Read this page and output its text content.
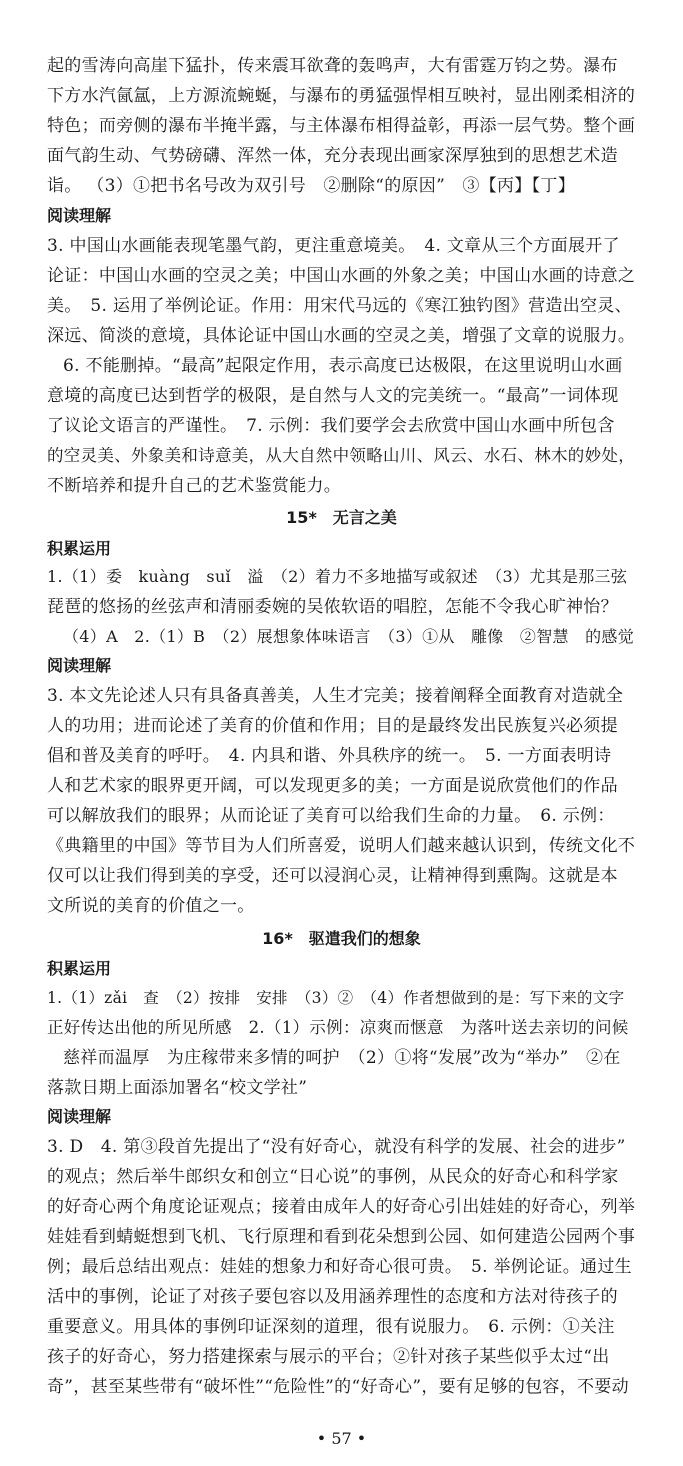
起的雪涛向高崖下猛扑，传来震耳欲聋的轰鸣声，大有雷霆万钧之势。瀑布
下方水汽氤氲，上方源流蜿蜒，与瀑布的勇猛强悍相互映衬，显出刚柔相济的
特色；而旁侧的瀑布半掩半露，与主体瀑布相得益彰，再添一层气势。整个画
面气韵生动、气势磅礴、浑然一体，充分表现出画家深厚独到的思想艺术造
诣。 （3）①把书名号改为双引号　②删除“的原因”　③【丙】【丁】
阅读理解
3. 中国山水画能表现笔墨气韵，更注重意境美。　4. 文章从三个方面展开了
论证：中国山水画的空灵之美；中国山水画的外象之美；中国山水画的诗意之
美。　5. 运用了举例论证。作用：用宋代马远的《寒江独钓图》营造出空灵、
深远、简淡的意境，具体论证中国山水画的空灵之美，增强了文章的说服力。
6. 不能删掉。“最高”起限定作用，表示高度已达极限，在这里说明山水画
意境的高度已达到哲学的极限，是自然与人文的完美统一。“最高”一词体现
了议论文语言的严谨性。　7. 示例：我们要学会去欣赏中国山水画中所包含
的空灵美、外象美和诗意美，从大自然中领略山川、风云、水石、林木的妙处，
不断培养和提升自己的艺术鉴赏能力。
15*　无言之美
积累运用
1.（1）委　kuàng　suǐ　溢　（2）着力不多地描写或叙述　（3）尤其是那三弦
琵琶的悠扬的丝弦声和清丽委婉的吴侬软语的唱腔，怎能不令我心旷神怡？
（4）A　2.（1）B　（2）展想象体味语言　（3）①从　雕像　②智慧　的感觉
阅读理解
3. 本文先论述人只有具备真善美，人生才完美；接着阐释全面教育对造就全
人的功用；进而论述了美育的价值和作用；目的是最终发出民族复兴必须提
倡和普及美育的呼吁。　4. 内具和谐、外具秩序的统一。　5. 一方面表明诗
人和艺术家的眼界更开阔，可以发现更多的美；一方面是说欣赏他们的作品
可以解放我们的眼界；从而论证了美育可以给我们生命的力量。　6. 示例：
《典籍里的中国》等节目为人们所喜爱，说明人们越来越认识到，传统文化不
仅可以让我们得到美的享受，还可以浸润心灵，让精神得到熏陶。这就是本
文所说的美育的价值之一。
16*　驱遣我们的想象
积累运用
1.（1）zǎi　查　（2）按排　安排　（3）②　（4）作者想做到的是：写下来的文字
正好传达出他的所见所感　2.（1）示例：凉爽而惬意　为落叶送去亲切的问候
慈祥而温厚　为庄稼带来多情的呵护　（2）①将“发展”改为“举办”　②在
落款日期上面添加署名“校文学社”
阅读理解
3. D　4. 第③段首先提出了“没有好奇心，就没有科学的发展、社会的进步”
的观点；然后举牛郎织女和创立“日心说”的事例，从民众的好奇心和科学家
的好奇心两个角度论证观点；接着由成年人的好奇心引出娃娃的好奇心，列举
娃娃看到蜻蜓想到飞机、飞行原理和看到花朵想到公园、如何建造公园两个事
例；最后总结出观点：娃娃的想象力和好奇心很可贵。　5. 举例论证。通过生
活中的事例，论证了对孩子要包容以及用涵养理性的态度和方法对待孩子的
重要意义。用具体的事例印证深刻的道理，很有说服力。　6. 示例：①关注
孩子的好奇心，努力搭建探索与展示的平台；②针对孩子某些似乎太过“出
奇”，甚至某些带有“破坏性”“危险性”的“好奇心”，要有足够的包容，不要动
• 57 •
